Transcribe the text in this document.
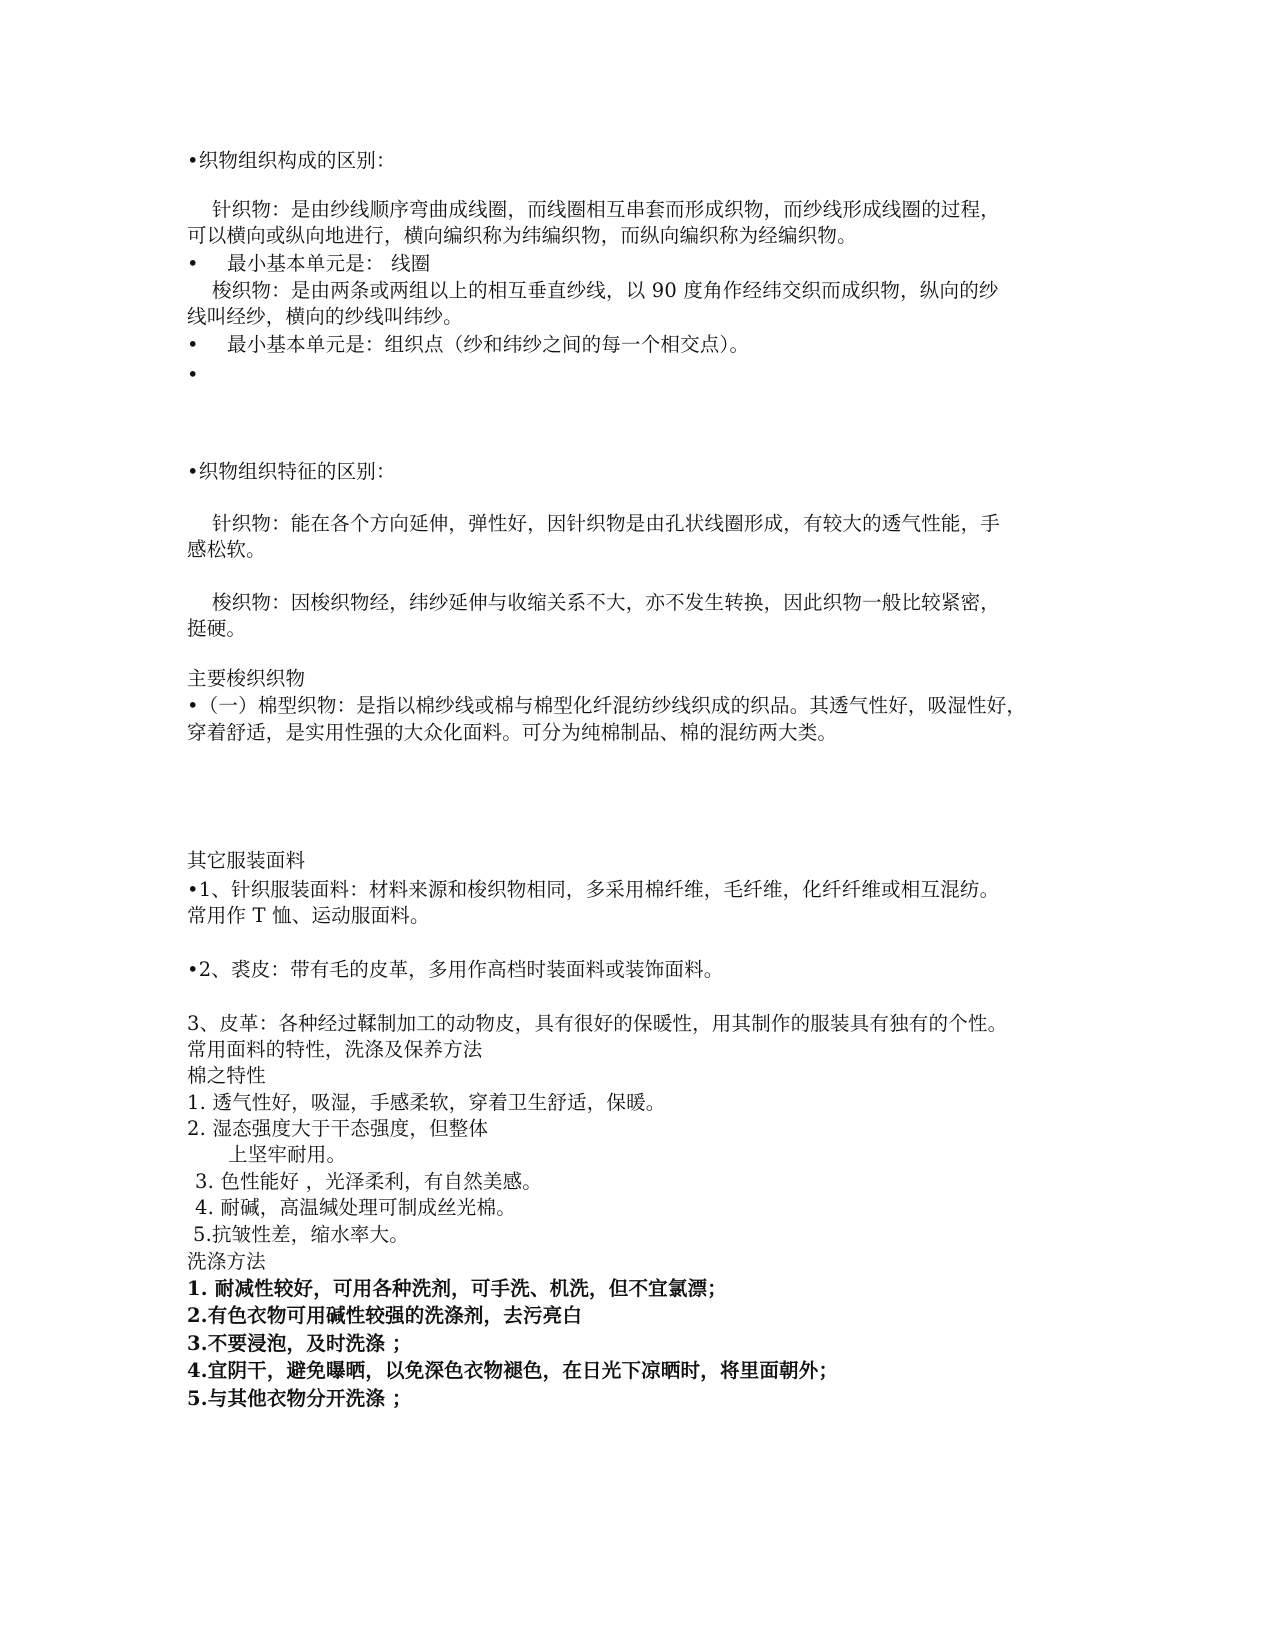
•织物组织构成的区别：
针织物：是由纱线顺序弯曲成线圈，而线圈相互串套而形成织物，而纱线形成线圈的过程，
可以横向或纵向地进行，横向编织称为纬编织物，而纵向编织称为经编织物。
• 最小基本单元是： 线圈
梭织物：是由两条或两组以上的相互垂直纱线，以 90 度角作经纬交织而成织物，纵向的纱
线叫经纱，横向的纱线叫纬纱。
• 最小基本单元是：组织点（纱和纬纱之间的每一个相交点）。
•
•织物组织特征的区别：
针织物：能在各个方向延伸，弹性好，因针织物是由孔状线圈形成，有较大的透气性能，手
感松软。
梭织物：因梭织物经，纬纱延伸与收缩关系不大，亦不发生转换，因此织物一般比较紧密，
挺硬。
主要梭织织物
•（一）棉型织物：是指以棉纱线或棉与棉型化纤混纺纱线织成的织品。其透气性好，吸湿性好，
穿着舒适，是实用性强的大众化面料。可分为纯棉制品、棉的混纺两大类。
其它服装面料
•1、针织服装面料：材料来源和梭织物相同，多采用棉纤维，毛纤维，化纤纤维或相互混纺。
常用作 T 恤、运动服面料。
•2、裘皮：带有毛的皮革，多用作高档时装面料或装饰面料。
3、皮革：各种经过鞣制加工的动物皮，具有很好的保暖性，用其制作的服装具有独有的个性。
常用面料的特性，洗涤及保养方法
棉之特性
1. 透气性好，吸湿，手感柔软，穿着卫生舒适，保暖。
2. 湿态强度大于干态强度，但整体
上坚牢耐用。
3. 色性能好 ，光泽柔利，有自然美感。
4. 耐碱，高温缄处理可制成丝光棉。
5.抗皱性差，缩水率大。
洗涤方法
1. 耐减性较好，可用各种洗剂，可手洗、机洗，但不宜氯漂；
2.有色衣物可用碱性较强的洗涤剂，去污亮白
3.不要浸泡，及时洗涤 ；
4.宜阴干，避免曝晒，以免深色衣物褪色，在日光下凉晒时，将里面朝外；
5.与其他衣物分开洗涤 ；
